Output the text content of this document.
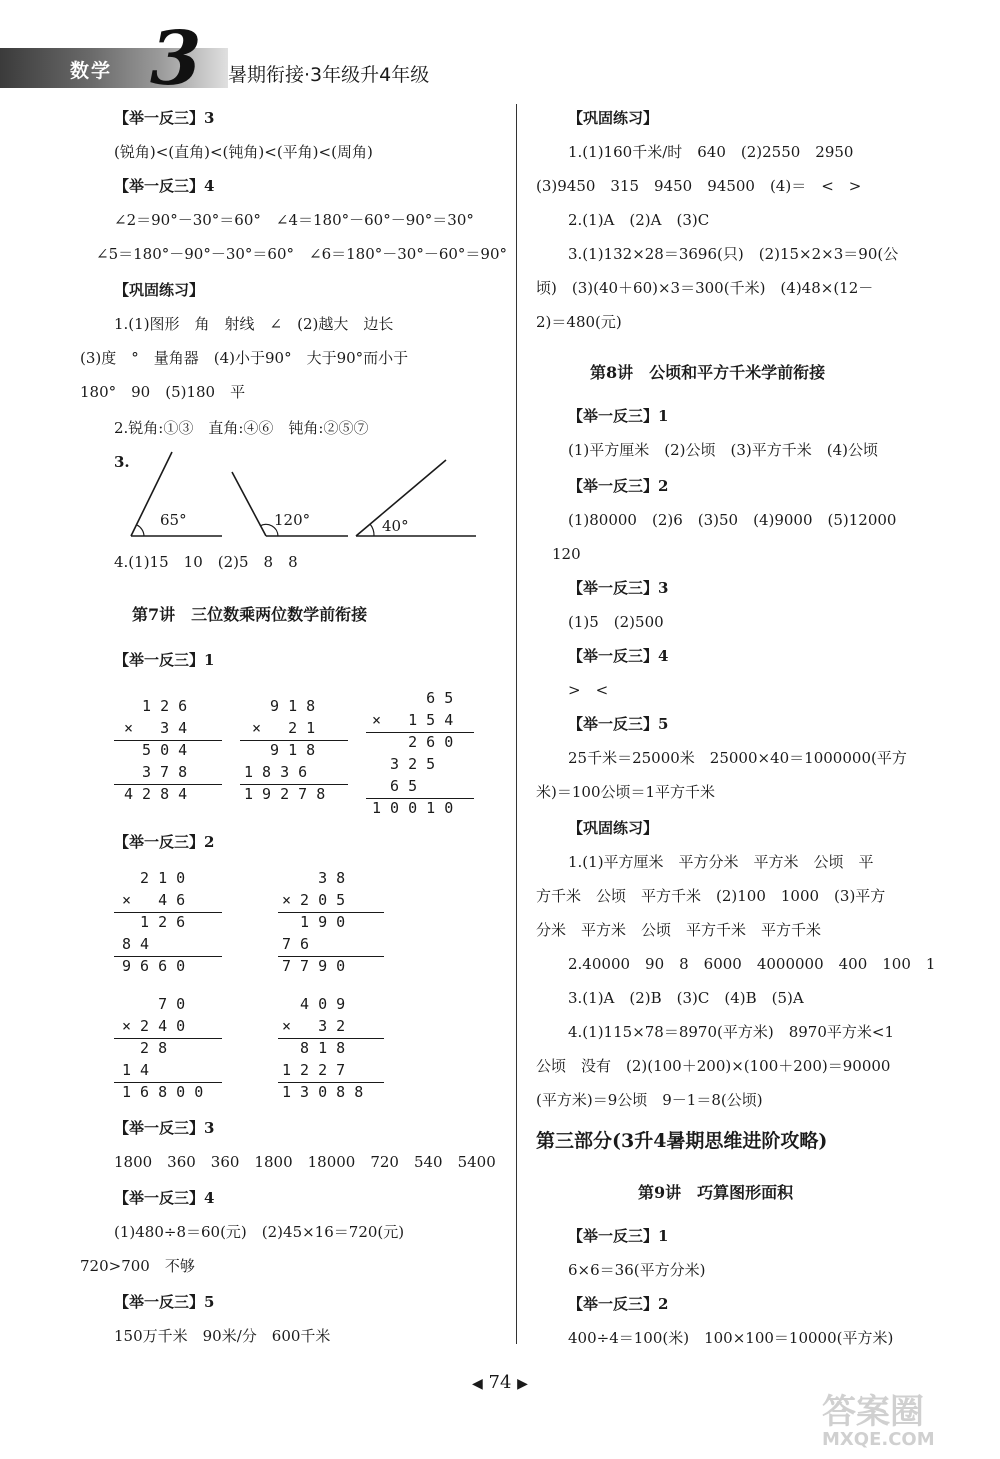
数学 3 暑期衔接·3年级升4年级
【举一反三】3
(锐角)<(直角)<(钝角)<(平角)<(周角)
【举一反三】4
∠2＝90°－30°＝60°　∠4＝180°－60°－90°＝30°
∠5＝180°－90°－30°＝60°　∠6＝180°－30°－60°＝90°
【巩固练习】
1.(1)图形　角　射线　∠　(2)越大　边长
(3)度　°　量角器　(4)小于90°　大于90°而小于
180°　90　(5)180　平
2.锐角:①③　直角:④⑥　钝角:②⑤⑦
3.
65°	120°	40°
4.(1)15　10　(2)5　8　8
第7讲　三位数乘两位数学前衔接
【举一反三】1
1 2 6
×   3 4
5 0 4
3 7 8
4 2 8 4
9 1 8
×   2 1
9 1 8
1 8 3 6
1 9 2 7 8
6 5
×   1 5 4
2 6 0
3 2 5
6 5
1 0 0 1 0
【举一反三】2
2 1 0
×   4 6
1 2 6
8 4
9 6 6 0
3 8
× 2 0 5
1 9 0
7 6
7 7 9 0
7 0
× 2 4 0
2 8
1 4
1 6 8 0 0
4 0 9
×   3 2
8 1 8
1 2 2 7
1 3 0 8 8
【举一反三】3
1800　360　360　1800　18000　720　540　5400
【举一反三】4
(1)480÷8＝60(元)　(2)45×16＝720(元)
720>700　不够
【举一反三】5
150万千米　90米/分　600千米
【巩固练习】
1.(1)160千米/时　640　(2)2550　2950
(3)9450　315　9450　94500　(4)＝　<　>
2.(1)A　(2)A　(3)C
3.(1)132×28＝3696(只)　(2)15×2×3＝90(公
顷)　(3)(40＋60)×3＝300(千米)　(4)48×(12－
2)＝480(元)
第8讲　公顷和平方千米学前衔接
【举一反三】1
(1)平方厘米　(2)公顷　(3)平方千米　(4)公顷
【举一反三】2
(1)80000　(2)6　(3)50　(4)9000　(5)12000
120
【举一反三】3
(1)5　(2)500
【举一反三】4
>　<
【举一反三】5
25千米＝25000米　25000×40＝1000000(平方
米)＝100公顷＝1平方千米
【巩固练习】
1.(1)平方厘米　平方分米　平方米　公顷　平
方千米　公顷　平方千米　(2)100　1000　(3)平方
分米　平方米　公顷　平方千米　平方千米
2.40000　90　8　6000　4000000　400　100　1
3.(1)A　(2)B　(3)C　(4)B　(5)A
4.(1)115×78＝8970(平方米)　8970平方米<1
公顷　没有　(2)(100＋200)×(100＋200)＝90000
(平方米)＝9公顷　9－1＝8(公顷)
第三部分(3升4暑期思维进阶攻略)
第9讲　巧算图形面积
【举一反三】1
6×6＝36(平方分米)
【举一反三】2
400÷4＝100(米)　100×100＝10000(平方米)
◀ 74 ▶
答案圈
MXQE.COM
